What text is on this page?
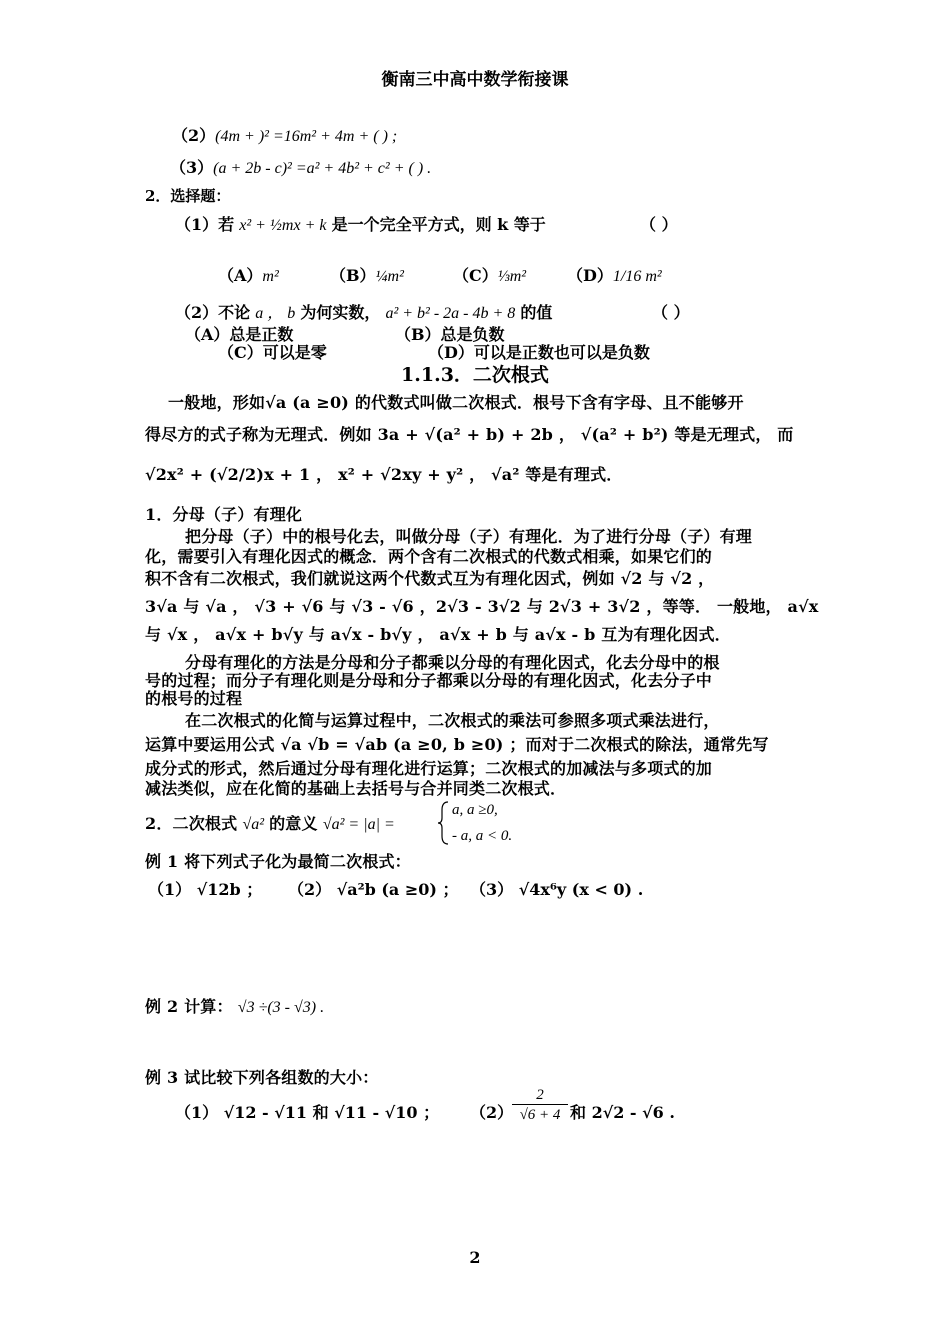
衡南三中高中数学衔接课
（2）(4m + )² =16m² + 4m + ( ) ;
（3）(a + 2b - c)² =a² + 4b² + c² + ( ) .
2．选择题：
（1）若 x² + ½mx + k 是一个完全平方式，则 k 等于	（ ）
（A）m²	（B）¼m²	（C）⅓m²	（D）1/16 m²
（2）不论 a ， b 为何实数， a² + b² - 2a - 4b + 8 的值	（ ）
（A）总是正数	（B）总是负数
（C）可以是零	（D）可以是正数也可以是负数
1.1.3．二次根式
一般地，形如√a (a ≥0) 的代数式叫做二次根式．根号下含有字母、且不能够开
得尽方的式子称为无理式．例如 3a + √(a² + b) + 2b ， √(a² + b²) 等是无理式， 而
√2x² + (√2/2)x + 1 ， x² + √2xy + y² ， √a² 等是有理式．
1．分母（子）有理化
把分母（子）中的根号化去，叫做分母（子）有理化．为了进行分母（子）有理
化，需要引入有理化因式的概念．两个含有二次根式的代数式相乘，如果它们的
积不含有二次根式，我们就说这两个代数式互为有理化因式，例如 √2 与 √2 ，
3√a 与 √a ， √3 + √6 与 √3 - √6 ，2√3 - 3√2 与 2√3 + 3√2 ，等等． 一般地， a√x
与 √x ， a√x + b√y 与 a√x - b√y ， a√x + b 与 a√x - b 互为有理化因式．
分母有理化的方法是分母和分子都乘以分母的有理化因式，化去分母中的根
号的过程；而分子有理化则是分母和分子都乘以分母的有理化因式，化去分子中
的根号的过程
在二次根式的化简与运算过程中，二次根式的乘法可参照多项式乘法进行，
运算中要运用公式 √a √b = √ab (a ≥0, b ≥0) ；而对于二次根式的除法，通常先写
成分式的形式，然后通过分母有理化进行运算；二次根式的加减法与多项式的加
减法类似，应在化简的基础上去括号与合并同类二次根式．
2．二次根式 √a² 的意义 √a² = |a| =
a, a ≥0,
- a, a < 0.
例 1 将下列式子化为最简二次根式：
（1） √12b ； （2） √a²b (a ≥0) ； （3） √4x⁶y (x < 0) .
例 2 计算： √3 ÷(3 - √3) .
例 3 试比较下列各组数的大小：
（1） √12 - √11 和 √11 - √10 ； （2）
$\frac{2}{√6 + 4}$ 和 2√2 - √6 .
2
